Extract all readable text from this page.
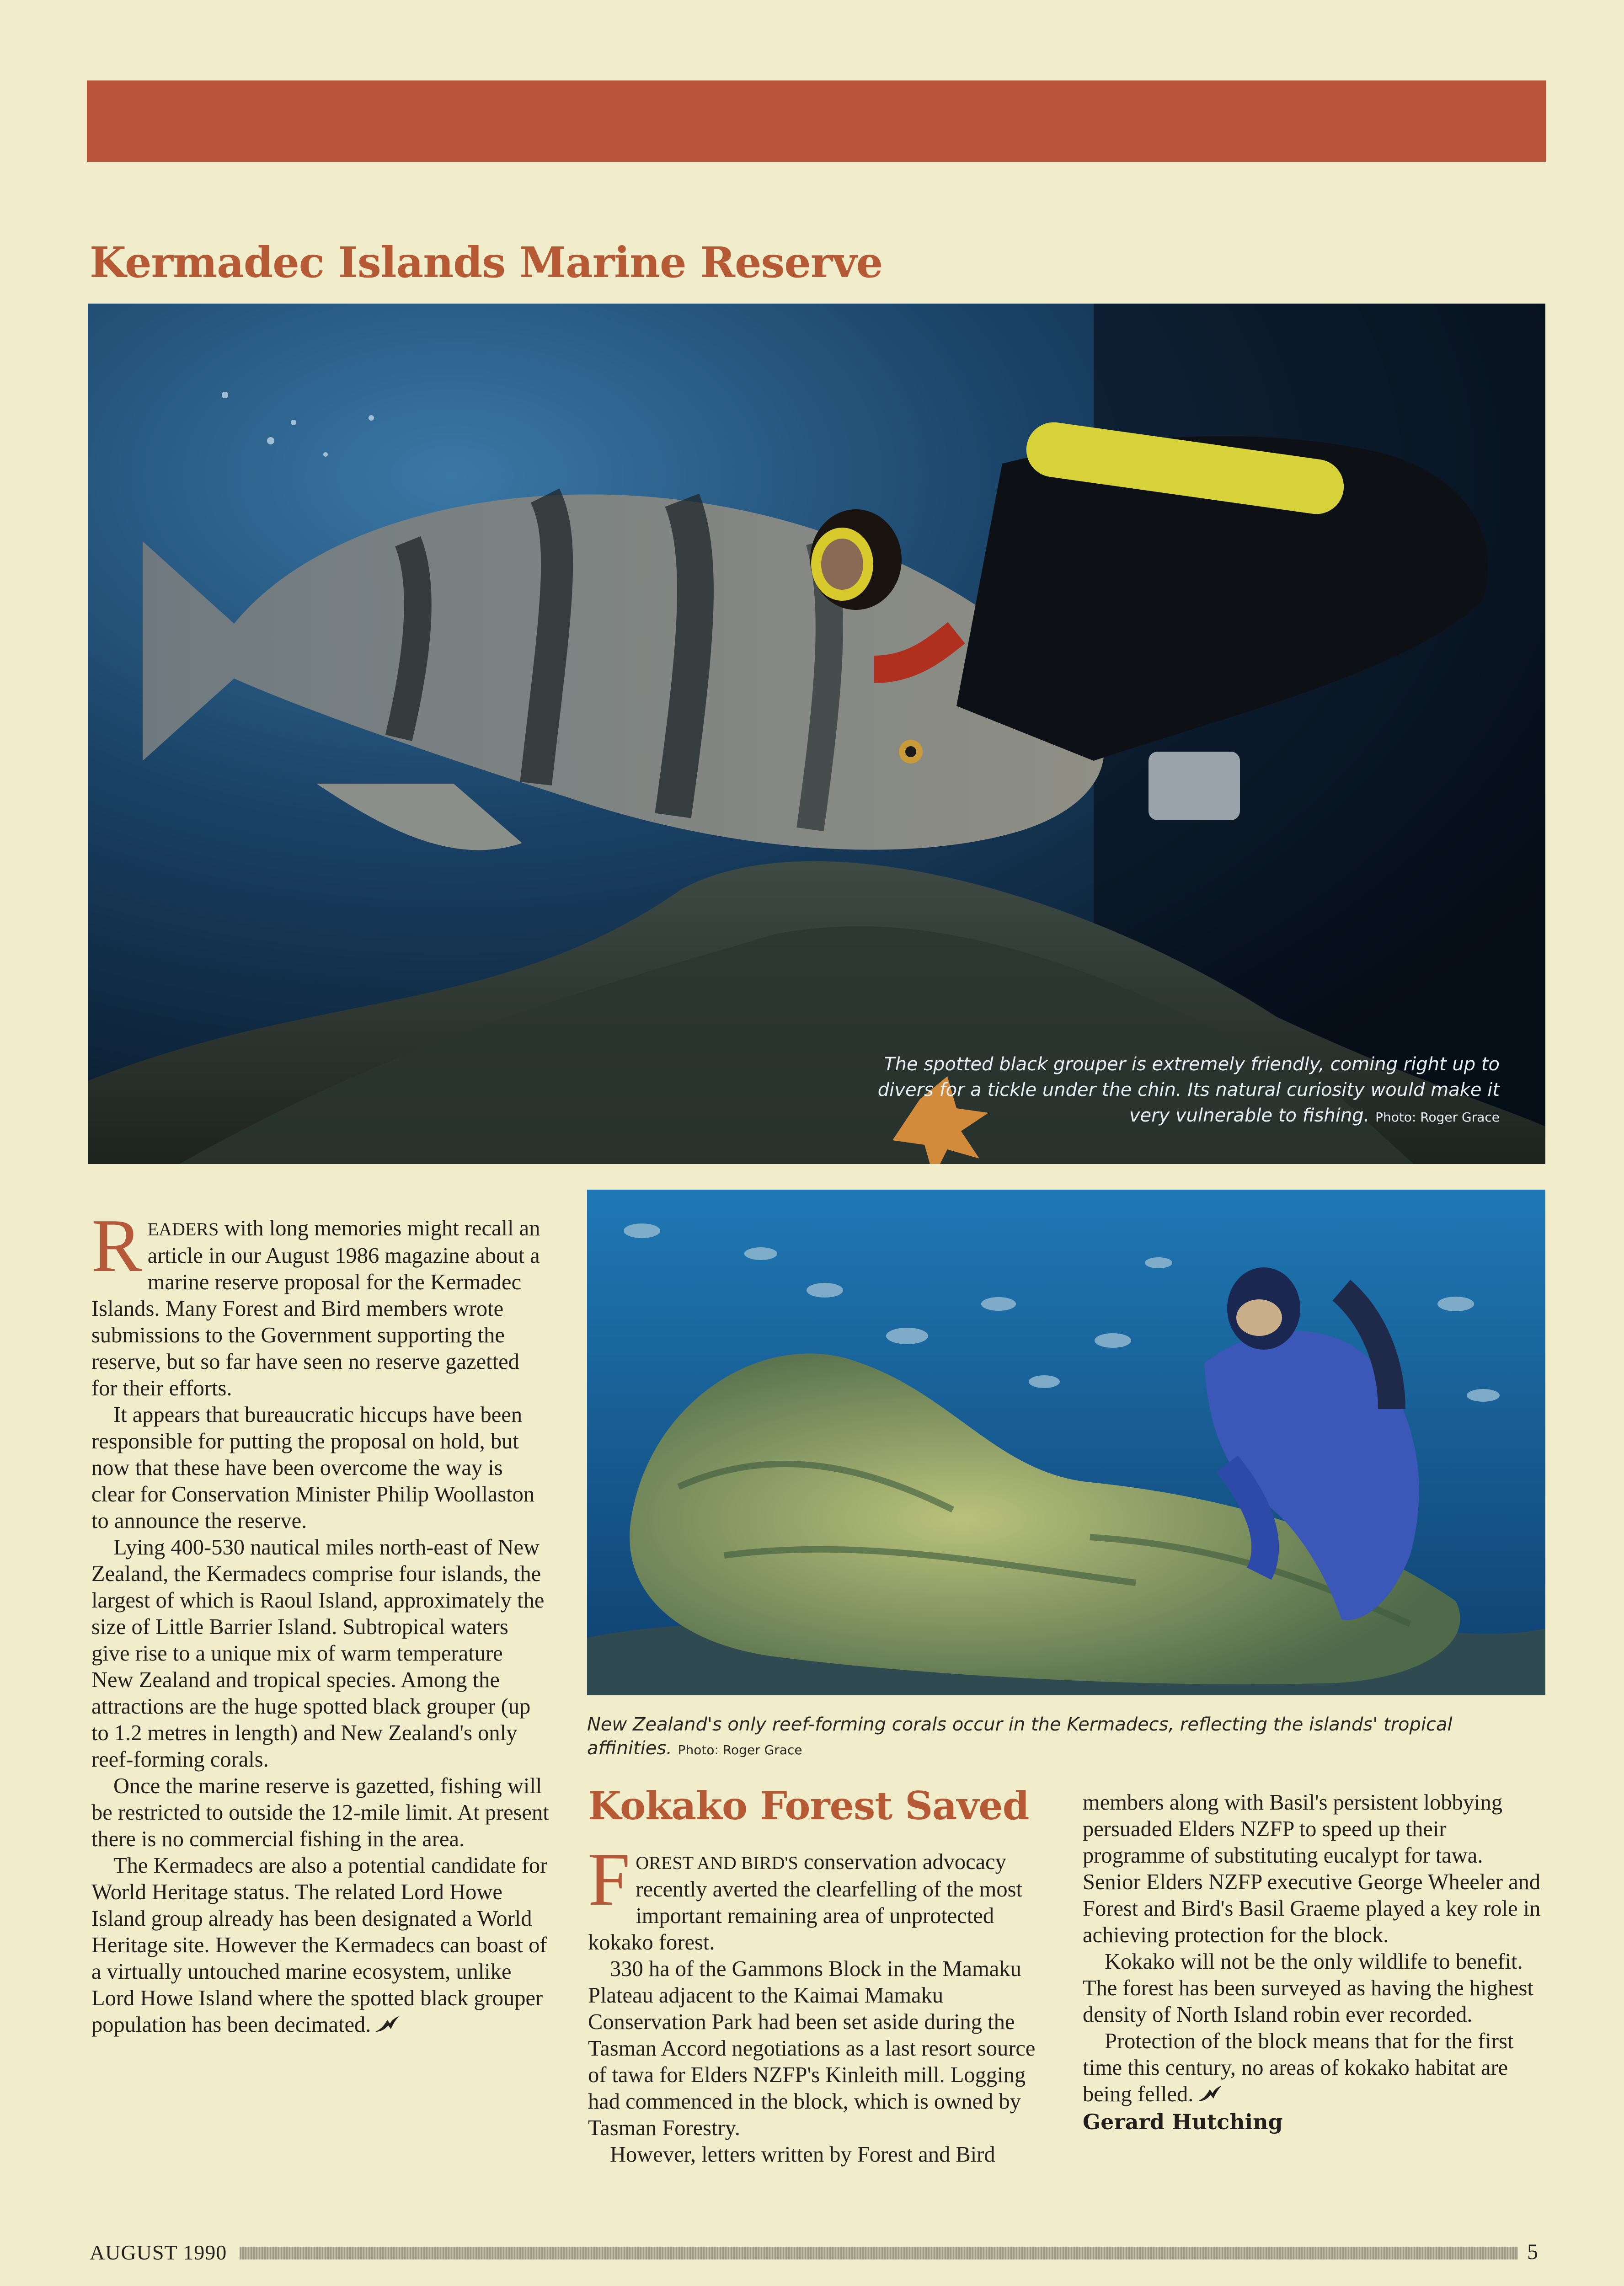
Kermadec Islands Marine Reserve
The spotted black grouper is extremely friendly, coming right up to divers for a tickle under the chin. Its natural curiosity would make it very vulnerable to fishing. Photo: Roger Grace
New Zealand's only reef-forming corals occur in the Kermadecs, reflecting the islands' tropical affinities. Photo: Roger Grace

READERS with long memories might recall an article in our August 1986 magazine about a marine reserve proposal for the Kermadec Islands. Many Forest and Bird members wrote submissions to the Government supporting the reserve, but so far have seen no reserve gazetted for their efforts.

It appears that bureaucratic hiccups have been responsible for putting the proposal on hold, but now that these have been overcome the way is clear for Conservation Minister Philip Woollaston to announce the reserve.

Lying 400-530 nautical miles north-east of New Zealand, the Kermadecs comprise four islands, the largest of which is Raoul Island, approximately the size of Little Barrier Island. Subtropical waters give rise to a unique mix of warm temperature New Zealand and tropical species. Among the attractions are the huge spotted black grouper (up to 1.2 metres in length) and New Zealand's only reef-forming corals.

Once the marine reserve is gazetted, fishing will be restricted to outside the 12-mile limit. At present there is no commercial fishing in the area.

The Kermadecs are also a potential candidate for World Heritage status. The related Lord Howe Island group already has been designated a World Heritage site. However the Kermadecs can boast of a virtually untouched marine ecosystem, unlike Lord Howe Island where the spotted black grouper population has been decimated.

Kokako Forest Saved

FOREST AND BIRD'S conservation advocacy recently averted the clearfelling of the most important remaining area of unprotected kokako forest.

330 ha of the Gammons Block in the Mamaku Plateau adjacent to the Kaimai Mamaku Conservation Park had been set aside during the Tasman Accord negotiations as a last resort source of tawa for Elders NZFP's Kinleith mill. Logging had commenced in the block, which is owned by Tasman Forestry.

However, letters written by Forest and Bird

members along with Basil's persistent lobbying persuaded Elders NZFP to speed up their programme of substituting eucalypt for tawa. Senior Elders NZFP executive George Wheeler and Forest and Bird's Basil Graeme played a key role in achieving protection for the block.

Kokako will not be the only wildlife to benefit. The forest has been surveyed as having the highest density of North Island robin ever recorded.

Protection of the block means that for the first time this century, no areas of kokako habitat are being felled.

Gerard Hutching
AUGUST 1990	5
